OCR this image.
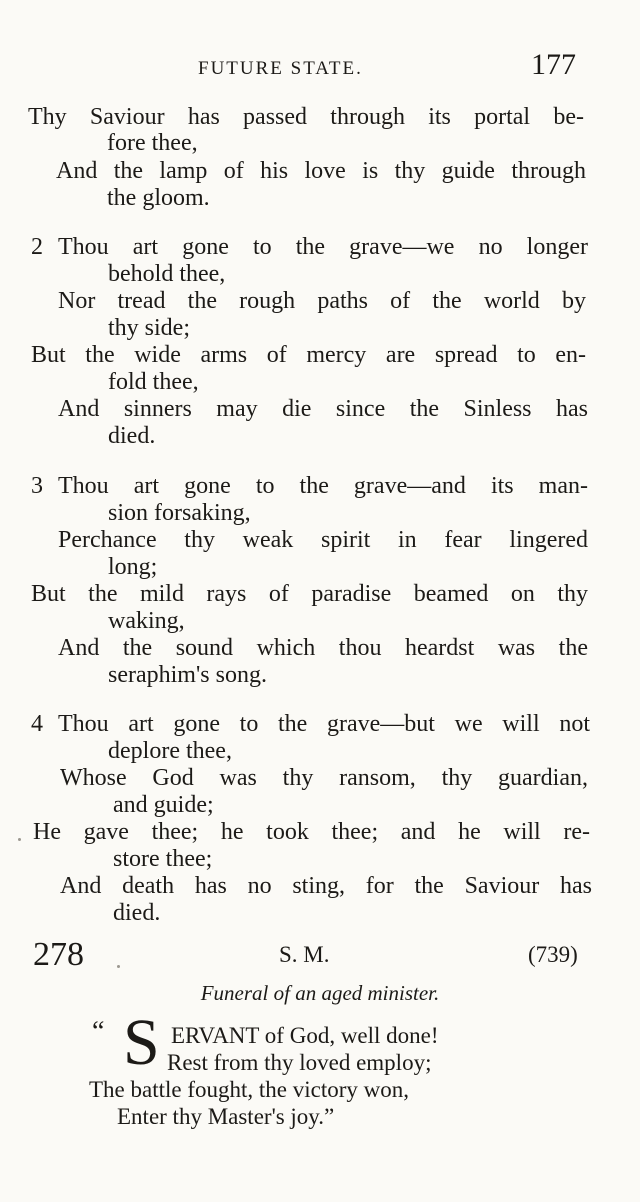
FUTURE STATE.	177
Thy Saviour has passed through its portal be-
fore thee,
And the lamp of his love is thy guide through
the gloom.
2 Thou art gone to the grave—we no longer
behold thee,
Nor tread the rough paths of the world by
thy side;
But the wide arms of mercy are spread to en-
fold thee,
And sinners may die since the Sinless has
died.
3 Thou art gone to the grave—and its man-
sion forsaking,
Perchance thy weak spirit in fear lingered
long;
But the mild rays of paradise beamed on thy
waking,
And the sound which thou heardst was the
seraphim's song.
4 Thou art gone to the grave—but we will not
deplore thee,
Whose God was thy ransom, thy guardian,
and guide;
He gave thee; he took thee; and he will re-
store thee;
And death has no sting, for the Saviour has
died.
278	S. M.	(739)
Funeral of an aged minister.
“ S ERVANT of God, well done!
Rest from thy loved employ;
The battle fought, the victory won,
Enter thy Master's joy.”
